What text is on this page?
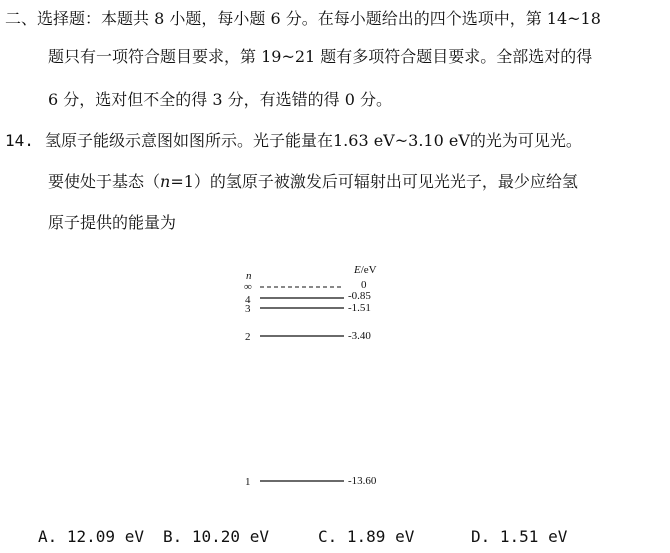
二、选择题：本题共 8 小题，每小题 6 分。在每小题给出的四个选项中，第 14~18
题只有一项符合题目要求，第 19~21 题有多项符合题目要求。全部选对的得
6 分，选对但不全的得 3 分，有选错的得 0 分。
14. 氢原子能级示意图如图所示。光子能量在1.63 eV~3.10 eV的光为可见光。
要使处于基态（n=1）的氢原子被激发后可辐射出可见光光子，最少应给氢
原子提供的能量为
n	E/eV
∞	0
4	-0.85
3	-1.51
2	-3.40
1	-13.60
A. 12.09 eV B. 10.20 eV	C. 1.89 eV	D. 1.51 eV
